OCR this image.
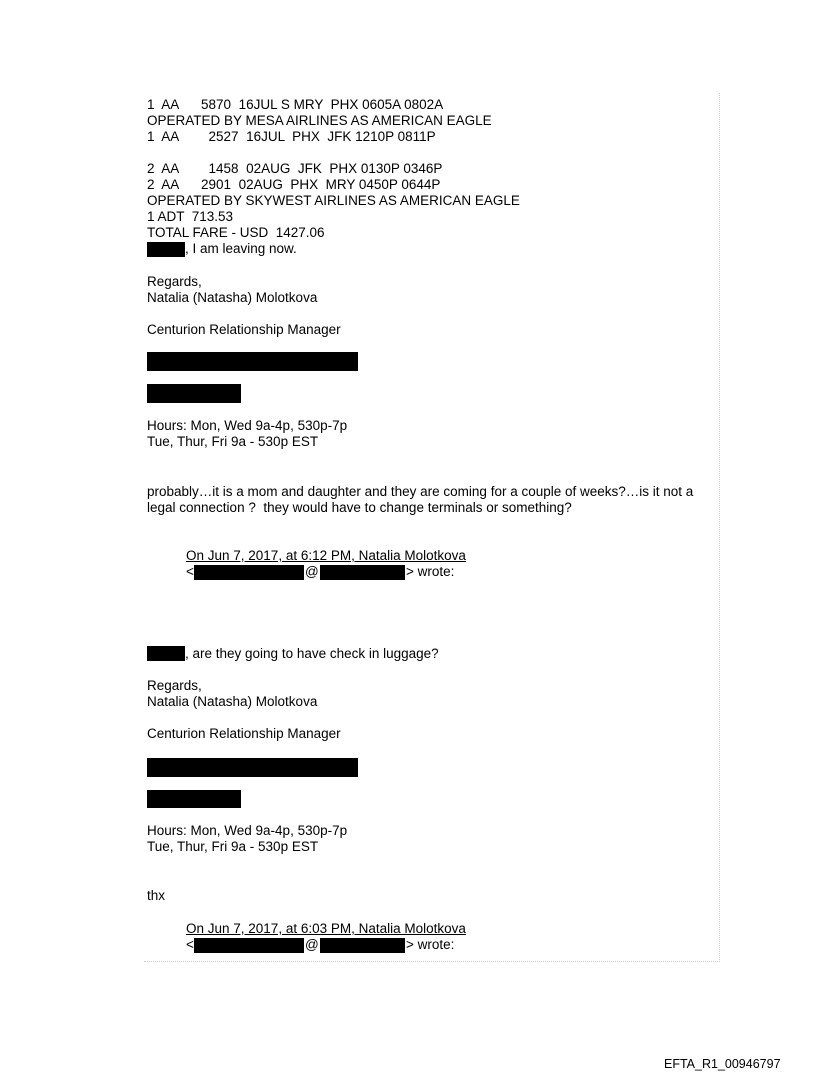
1  AA      5870  16JUL S MRY  PHX 0605A 0802A
OPERATED BY MESA AIRLINES AS AMERICAN EAGLE
1  AA        2527  16JUL  PHX  JFK 1210P 0811P
2  AA        1458  02AUG  JFK  PHX 0130P 0346P
2  AA      2901  02AUG  PHX  MRY 0450P 0644P
OPERATED BY SKYWEST AIRLINES AS AMERICAN EAGLE
1 ADT  713.53
TOTAL FARE - USD  1427.06
, I am leaving now.
Regards,
Natalia (Natasha) Molotkova
Centurion Relationship Manager
Hours: Mon, Wed 9a-4p, 530p-7p
Tue, Thur, Fri 9a - 530p EST
probably…it is a mom and daughter and they are coming for a couple of weeks?…is it not a
legal connection ?  they would have to change terminals or something?
On Jun 7, 2017, at 6:12 PM, Natalia Molotkova
<	@	> wrote:
, are they going to have check in luggage?
Regards,
Natalia (Natasha) Molotkova
Centurion Relationship Manager
Hours: Mon, Wed 9a-4p, 530p-7p
Tue, Thur, Fri 9a - 530p EST
thx
On Jun 7, 2017, at 6:03 PM, Natalia Molotkova
<	@	> wrote:
EFTA_R1_00946797
